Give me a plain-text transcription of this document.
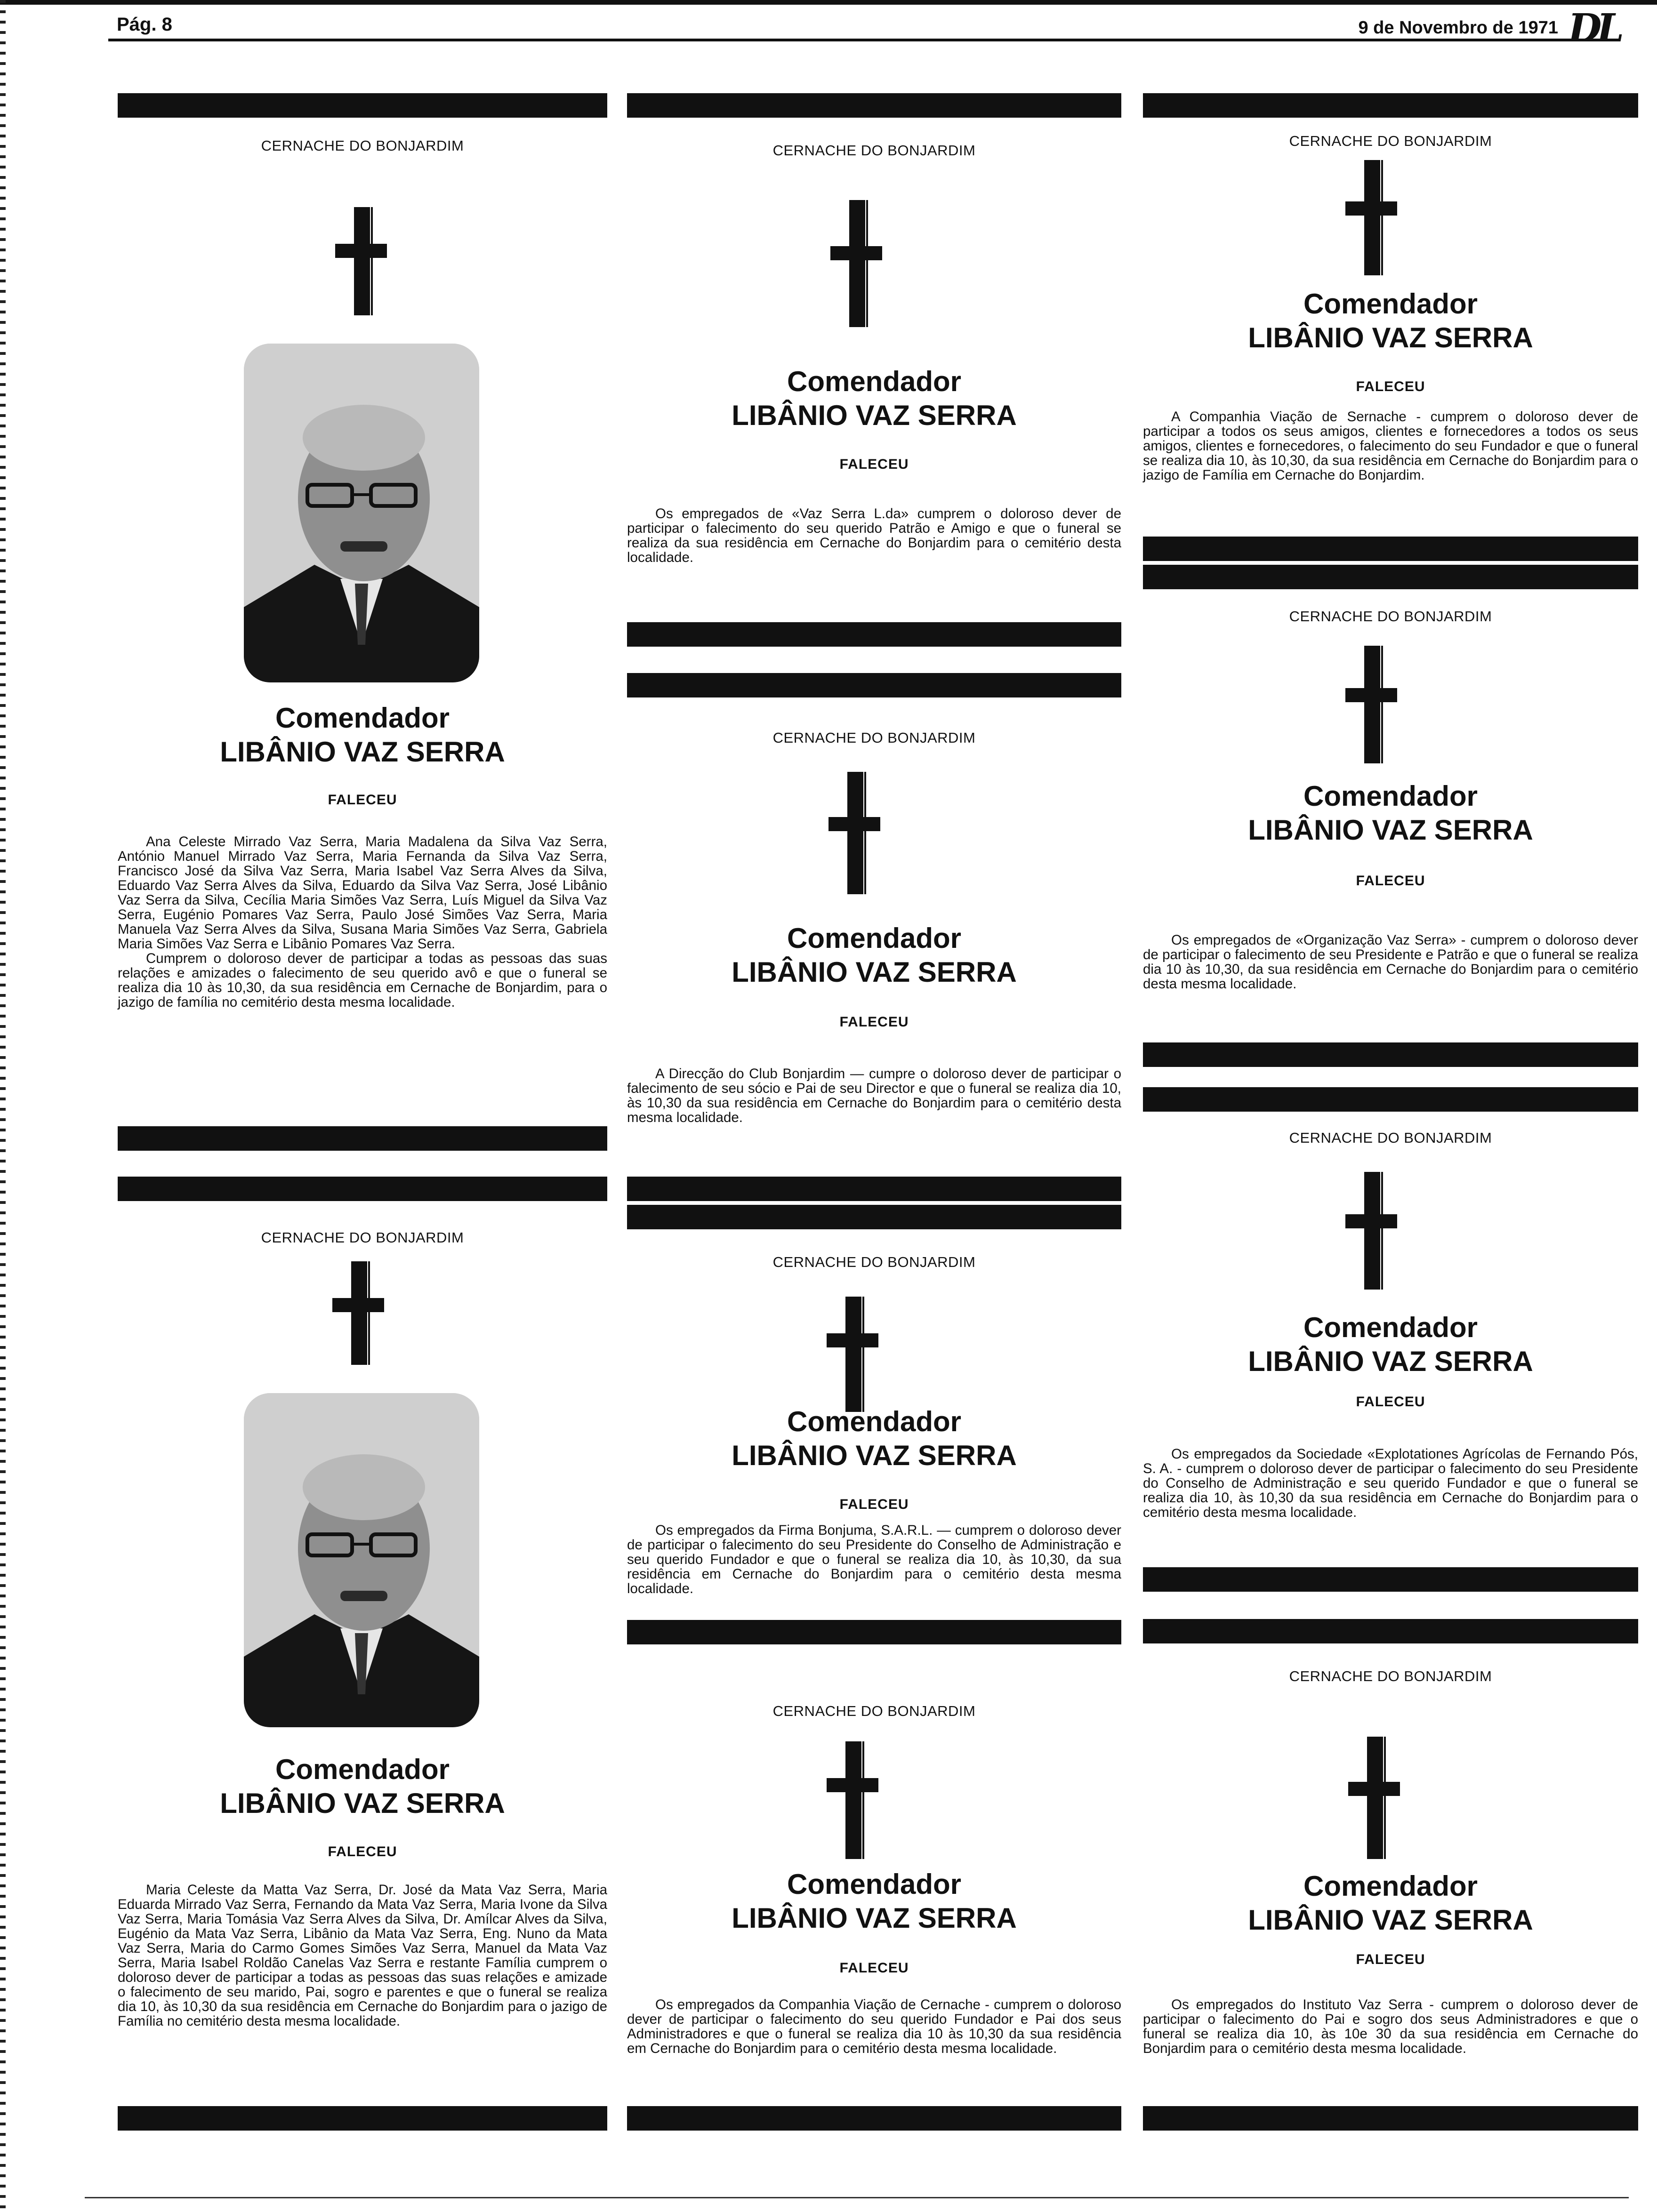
Pág. 8	9 de Novembro de 1971 DL
CERNACHE DO BONJARDIM
Comendador
LIBÂNIO VAZ SERRA
FALECEU

Ana Celeste Mirrado Vaz Serra, Maria Madalena da Silva Vaz Serra, António Manuel Mirrado Vaz Serra, Maria Fernanda da Silva Vaz Serra, Francisco José da Silva Vaz Serra, Maria Isabel Vaz Serra Alves da Silva, Eduardo Vaz Serra Alves da Silva, Eduardo da Silva Vaz Serra, José Libânio Vaz Serra da Silva, Cecília Maria Simões Vaz Serra, Luís Miguel da Silva Vaz Serra, Eugénio Pomares Vaz Serra, Paulo José Simões Vaz Serra, Maria Manuela Vaz Serra Alves da Silva, Susana Maria Simões Vaz Serra, Gabriela Maria Simões Vaz Serra e Libânio Pomares Vaz Serra.

Cumprem o doloroso dever de participar a todas as pessoas das suas relações e amizades o falecimento de seu querido avô e que o funeral se realiza dia 10 às 10,30, da sua residência em Cernache de Bonjardim, para o jazigo de família no cemitério desta mesma localidade.

CERNACHE DO BONJARDIM
Comendador
LIBÂNIO VAZ SERRA
FALECEU

Maria Celeste da Matta Vaz Serra, Dr. José da Mata Vaz Serra, Maria Eduarda Mirrado Vaz Serra, Fernando da Mata Vaz Serra, Maria Ivone da Silva Vaz Serra, Maria Tomásia Vaz Serra Alves da Silva, Dr. Amílcar Alves da Silva, Eugénio da Mata Vaz Serra, Libânio da Mata Vaz Serra, Eng. Nuno da Mata Vaz Serra, Maria do Carmo Gomes Simões Vaz Serra, Manuel da Mata Vaz Serra, Maria Isabel Roldão Canelas Vaz Serra e restante Família cumprem o doloroso dever de participar a todas as pessoas das suas relações e amizade o falecimento de seu marido, Pai, sogro e parentes e que o funeral se realiza dia 10, às 10,30 da sua residência em Cernache do Bonjardim para o jazigo de Família no cemitério desta mesma localidade.

CERNACHE DO BONJARDIM
Comendador
LIBÂNIO VAZ SERRA
FALECEU

Os empregados de «Vaz Serra L.da» cumprem o doloroso dever de participar o falecimento do seu querido Patrão e Amigo e que o funeral se realiza da sua residência em Cernache do Bonjardim para o cemitério desta localidade.

CERNACHE DO BONJARDIM
Comendador
LIBÂNIO VAZ SERRA
FALECEU

A Direcção do Club Bonjardim — cumpre o doloroso dever de participar o falecimento de seu sócio e Pai de seu Director e que o funeral se realiza dia 10, às 10,30 da sua residência em Cernache do Bonjardim para o cemitério desta mesma localidade.

CERNACHE DO BONJARDIM
Comendador
LIBÂNIO VAZ SERRA
FALECEU

Os empregados da Firma Bonjuma, S.A.R.L. — cumprem o doloroso dever de participar o falecimento do seu Presidente do Conselho de Administração e seu querido Fundador e que o funeral se realiza dia 10, às 10,30, da sua residência em Cernache do Bonjardim para o cemitério desta mesma localidade.

CERNACHE DO BONJARDIM
Comendador
LIBÂNIO VAZ SERRA
FALECEU

Os empregados da Companhia Viação de Cernache - cumprem o doloroso dever de participar o falecimento do seu querido Fundador e Pai dos seus Administradores e que o funeral se realiza dia 10 às 10,30 da sua residência em Cernache do Bonjardim para o cemitério desta mesma localidade.

CERNACHE DO BONJARDIM
Comendador
LIBÂNIO VAZ SERRA
FALECEU

A Companhia Viação de Sernache - cumprem o doloroso dever de participar a todos os seus amigos, clientes e fornecedores a todos os seus amigos, clientes e fornecedores, o falecimento do seu Fundador e que o funeral se realiza dia 10, às 10,30, da sua residência em Cernache do Bonjardim para o jazigo de Família em Cernache do Bonjardim.

CERNACHE DO BONJARDIM
Comendador
LIBÂNIO VAZ SERRA
FALECEU

Os empregados de «Organização Vaz Serra» - cumprem o doloroso dever de participar o falecimento de seu Presidente e Patrão e que o funeral se realiza dia 10 às 10,30, da sua residência em Cernache do Bonjardim para o cemitério desta mesma localidade.

CERNACHE DO BONJARDIM
Comendador
LIBÂNIO VAZ SERRA
FALECEU

Os empregados da Sociedade «Explotationes Agrícolas de Fernando Pós, S. A. - cumprem o doloroso dever de participar o falecimento do seu Presidente do Conselho de Administração e seu querido Fundador e que o funeral se realiza dia 10, às 10,30 da sua residência em Cernache do Bonjardim para o cemitério desta mesma localidade.

CERNACHE DO BONJARDIM
Comendador
LIBÂNIO VAZ SERRA
FALECEU

Os empregados do Instituto Vaz Serra - cumprem o doloroso dever de participar o falecimento do Pai e sogro dos seus Administradores e que o funeral se realiza dia 10, às 10e 30 da sua residência em Cernache do Bonjardim para o cemitério desta mesma localidade.
